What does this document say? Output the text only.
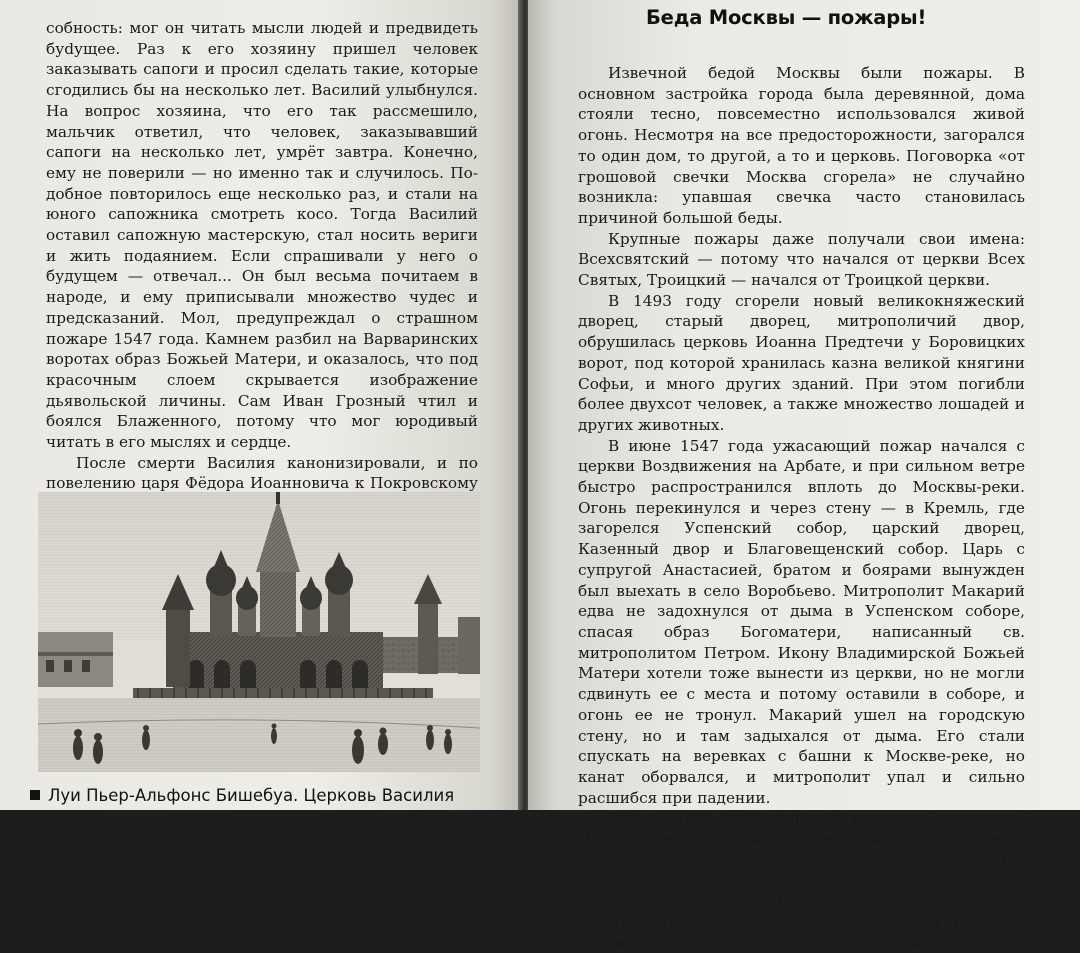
собность: мог он читать мысли людей и предвидеть буdущее. Раз к его хозяину пришел человек заказывать сапоги и просил сделать такие, которые сгодились бы на несколько лет. Василий улыбнулся. На вопрос хозяина, что его так рассмешило, мальчик ответил, что человек, заказывавший сапоги на несколько лет, умрёт завтра. Конечно, ему не поверили — но именно так и случилось. Подобное повторилось еще несколько раз, и стали на юного сапожника смотреть косо. Тогда Василий оставил сапожную мастерскую, стал носить вериги и жить подаянием. Если спрашивали у него о будущем — отвечал... Он был весьма почитаем в народе, и ему приписывали множество чудес и предсказаний. Мол, предупреждал о страшном пожаре 1547 года. Камнем разбил на Варваринских воротах образ Божьей Матери, и оказалось, что под красочным слоем скрывается изображение дьявольской личины. Сам Иван Грозный чтил и боялся Блаженного, потому что мог юродивый читать в его мыслях и сердце.

После смерти Василия канонизировали, и по повелению царя Фёдора Иоанновича к Покровскому

Луи Пьер-Альфонс Бишебуа. Церковь Василия
Беда Москвы — пожары!

Извечной бедой Москвы были пожары. В основном застройка города была деревянной, дома стояли тесно, повсеместно использовался живой огонь. Несмотря на все предосторожности, загорался то один дом, то другой, а то и церковь. Поговорка «от грошовой свечки Москва сгорела» не случайно возникла: упавшая свечка часто становилась причиной большой беды.

Крупные пожары даже получали свои имена: Всехсвятский — потому что начался от церкви Всех Святых, Троицкий — начался от Троицкой церкви.

В 1493 году сгорели новый великокняжеский дворец, старый дворец, митрополичий двор, обрушилась церковь Иоанна Предтечи у Боровицких ворот, под которой хранилась казна великой княгини Софьи, и много других зданий. При этом погибли более двухсот человек, а также множество лошадей и других животных.

В июне 1547 года ужасающий пожар начался с церкви Воздвижения на Арбате, и при сильном ветре быстро распространился вплоть до Москвы-реки. Огонь перекинулся и через стену — в Кремль, где загорелся Успенский собор, царский дворец, Казенный двор и Благовещенский собор. Царь с супругой Анастасией, братом и боярами вынужден был выехать в село Воробьево. Митрополит Макарий едва не задохнулся от дыма в Успенском соборе, спасая образ Богоматери, написанный св. митрополитом Петром. Икону Владимирской Божьей Матери хотели тоже вынести из церкви, но не могли сдвинуть ее с места и потому оставили в соборе, и огонь ее не тронул. Макарий ушел на городскую стену, но и там задыхался от дыма. Его стали спускать на веревках с башни к Москве-реке, но канат оборвался, и митрополит упал и сильно расшибся при падении.

Пожар этот спровоцировал народное восстание. Начало ему положили сплетники, обвинившие в поджоге бабку царя — Анну Глинскую. Мол, старушка у мертвецов вырывала сердца, настаивала на них воду и той водой кропила город. От этого и начались пожары. Полный идиотизм — но народ поверил. Множество людей собралось на Соборной площади
